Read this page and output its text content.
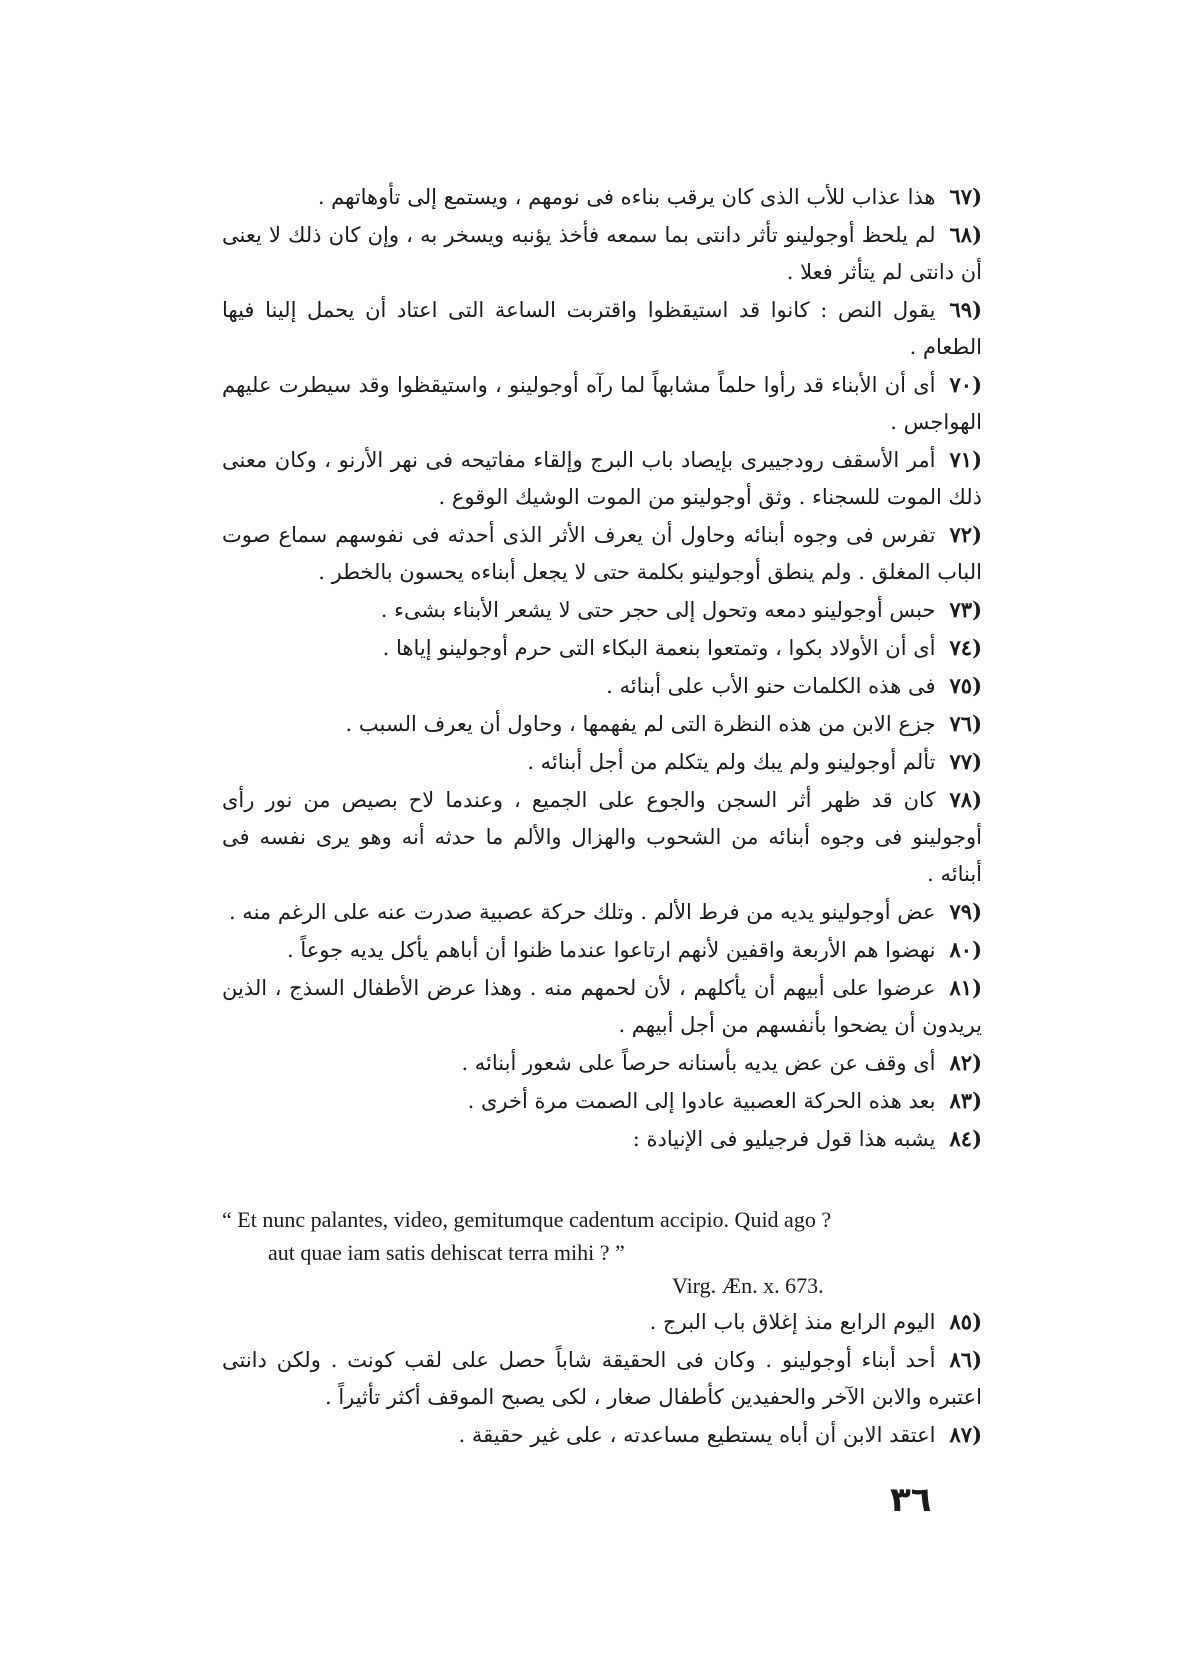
(٦٧هذا عذاب للأب الذى كان يرقب بناءه فى نومهم ، ويستمع إلى تأوهاتهم .

(٦٨لم يلحظ أوجولينو تأثر دانتى بما سمعه فأخذ يؤنبه ويسخر به ، وإن كان ذلك لا يعنى أن دانتى لم يتأثر فعلا .

(٦٩يقول النص : كانوا قد استيقظوا واقتربت الساعة التى اعتاد أن يحمل إلينا فيها الطعام .

(٧٠أى أن الأبناء قد رأوا حلماً مشابهاً لما رآه أوجولينو ، واستيقظوا وقد سيطرت عليهم الهواجس .

(٧١أمر الأسقف رودجييرى بإيصاد باب البرج وإلقاء مفاتيحه فى نهر الأرنو ، وكان معنى ذلك الموت للسجناء . وثق أوجولينو من الموت الوشيك الوقوع .

(٧٢تفرس فى وجوه أبنائه وحاول أن يعرف الأثر الذى أحدثه فى نفوسهم سماع صوت الباب المغلق . ولم ينطق أوجولينو بكلمة حتى لا يجعل أبناءه يحسون بالخطر .

(٧٣حبس أوجولينو دمعه وتحول إلى حجر حتى لا يشعر الأبناء بشىء .

(٧٤أى أن الأولاد بكوا ، وتمتعوا بنعمة البكاء التى حرم أوجولينو إياها .

(٧٥فى هذه الكلمات حنو الأب على أبنائه .

(٧٦جزع الابن من هذه النظرة التى لم يفهمها ، وحاول أن يعرف السبب .

(٧٧تألم أوجولينو ولم يبك ولم يتكلم من أجل أبنائه .

(٧٨كان قد ظهر أثر السجن والجوع على الجميع ، وعندما لاح بصيص من نور رأى أوجولينو فى وجوه أبنائه من الشحوب والهزال والألم ما حدثه أنه وهو يرى نفسه فى أبنائه .

(٧٩عض أوجولينو يديه من فرط الألم . وتلك حركة عصبية صدرت عنه على الرغم منه .

(٨٠نهضوا هم الأربعة واقفين لأنهم ارتاعوا عندما ظنوا أن أباهم يأكل يديه جوعاً .

(٨١عرضوا على أبيهم أن يأكلهم ، لأن لحمهم منه . وهذا عرض الأطفال السذج ، الذين يريدون أن يضحوا بأنفسهم من أجل أبيهم .

(٨٢أى وقف عن عض يديه بأسنانه حرصاً على شعور أبنائه .

(٨٣بعد هذه الحركة العصبية عادوا إلى الصمت مرة أخرى .

(٨٤يشبه هذا قول فرجيليو فى الإنيادة :

“ Et nunc palantes, video, gemitumque cadentum accipio. Quid ago ?
aut quae iam satis dehiscat terra mihi ? ”
Virg. Æn. x. 673.

(٨٥اليوم الرابع منذ إغلاق باب البرج .

(٨٦أحد أبناء أوجولينو . وكان فى الحقيقة شاباً حصل على لقب كونت . ولكن دانتى اعتبره والابن الآخر والحفيدين كأطفال صغار ، لكى يصبح الموقف أكثر تأثيراً .

(٨٧اعتقد الابن أن أباه يستطيع مساعدته ، على غير حقيقة .

٣٦
